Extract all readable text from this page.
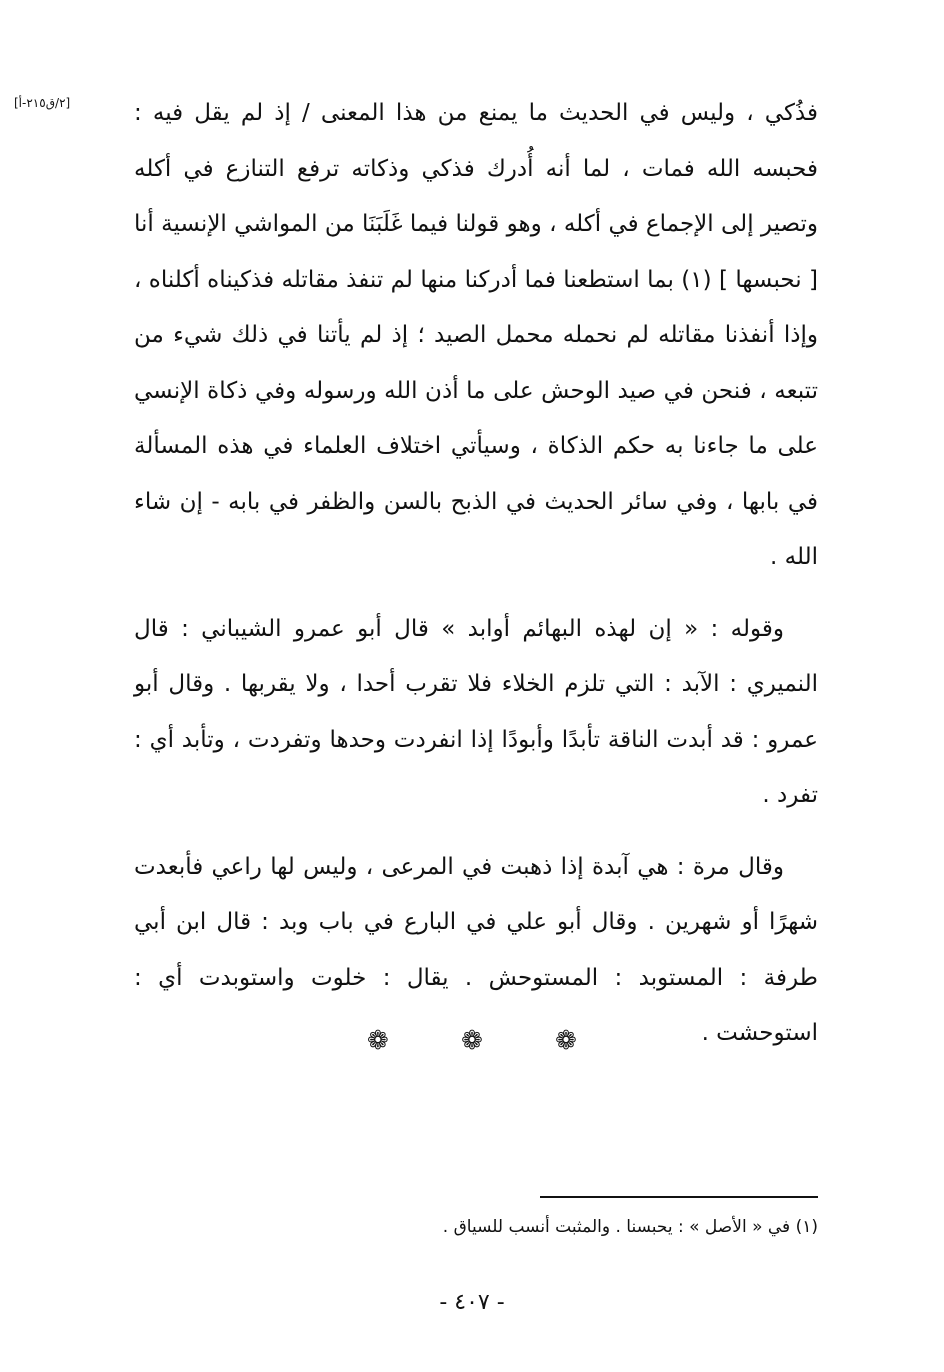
[٢/ق٢١٥-أ]	فذُكي ، وليس في الحديث ما يمنع من هذا المعنى / إذ لم يقل فيه : فحبسه الله فمات ، لما أنه أُدرك فذكي وذكاته ترفع التنازع في أكله وتصير إلى الإجماع في أكله ، وهو قولنا فيما غَلَبَنَا من المواشي الإنسية أنا [ نحبسها ] (١) بما استطعنا فما أدركنا منها لم تنفذ مقاتله فذكيناه أكلناه ، وإذا أنفذنا مقاتله لم نحمله محمل الصيد ؛ إذ لم يأتنا في ذلك شيء من تتبعه ، فنحن في صيد الوحش على ما أذن الله ورسوله وفي ذكاة الإنسي على ما جاءنا به حكم الذكاة ، وسيأتي اختلاف العلماء في هذه المسألة في بابها ، وفي سائر الحديث في الذبح بالسن والظفر في بابه - إن شاء الله .

وقوله : « إن لهذه البهائم أوابد » قال أبو عمرو الشيباني : قال النميري : الآبد : التي تلزم الخلاء فلا تقرب أحدا ، ولا يقربها . وقال أبو عمرو : قد أبدت الناقة تأبدًا وأبودًا إذا انفردت وحدها وتفردت ، وتأبد أي : تفرد .

وقال مرة : هي آبدة إذا ذهبت في المرعى ، وليس لها راعي فأبعدت شهرًا أو شهرين . وقال أبو علي في البارع في باب وبد : قال ابن أبي طرفة : المستوبد : المستوحش . يقال : خلوت واستوبدت أي : استوحشت .

❁	❁	❁
(١) في « الأصل » : يحبسنا . والمثبت أنسب للسياق .
- ٤٠٧ -
